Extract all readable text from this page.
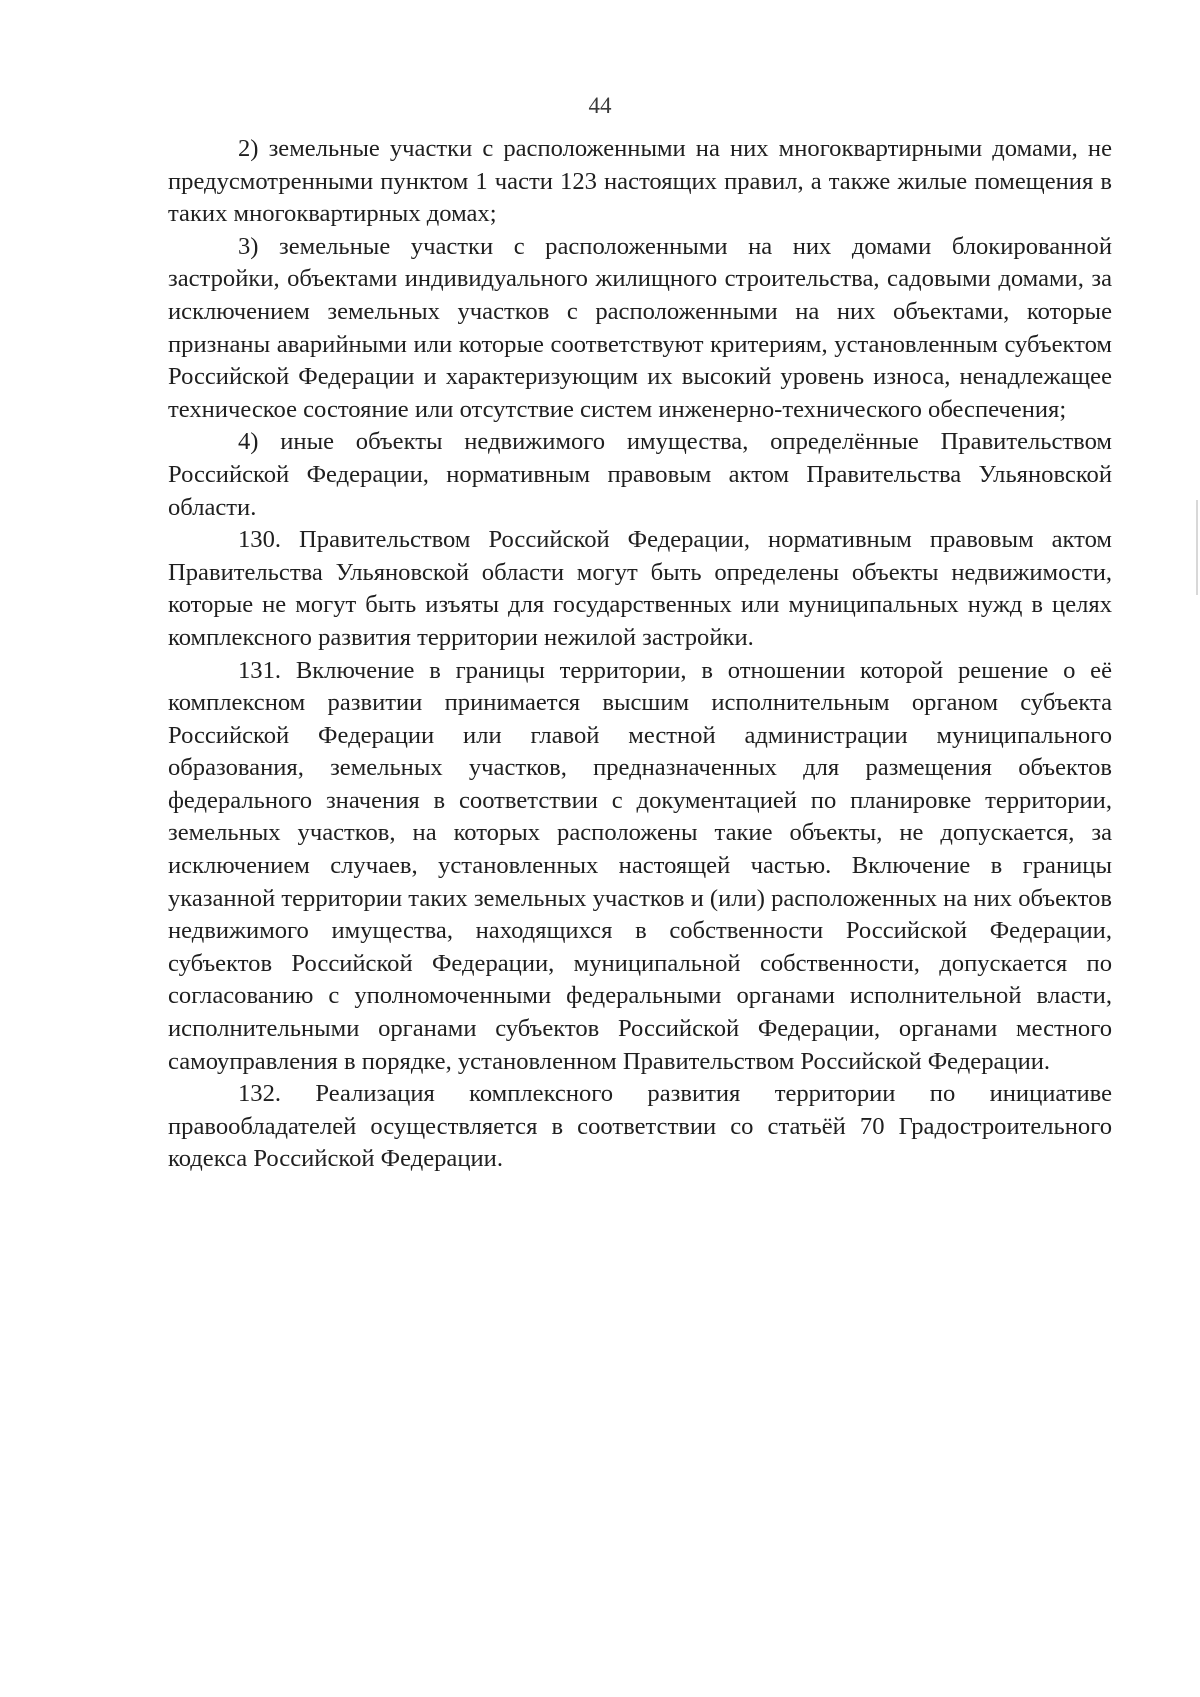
44

2) земельные участки с расположенными на них многоквартирными домами, не предусмотренными пунктом 1 части 123 настоящих правил, а также жилые помещения в таких многоквартирных домах;

3) земельные участки с расположенными на них домами блокированной застройки, объектами индивидуального жилищного строительства, садовыми домами, за исключением земельных участков с расположенными на них объектами, которые признаны аварийными или которые соответствуют критериям, установленным субъектом Российской Федерации и характеризующим их высокий уровень износа, ненадлежащее техническое состояние или отсутствие систем инженерно-технического обеспечения;

4) иные объекты недвижимого имущества, определённые Правительством Российской Федерации, нормативным правовым актом Правительства Ульяновской области.

130. Правительством Российской Федерации, нормативным правовым актом Правительства Ульяновской области могут быть определены объекты недвижимости, которые не могут быть изъяты для государственных или муниципальных нужд в целях комплексного развития территории нежилой застройки.

131. Включение в границы территории, в отношении которой решение о её комплексном развитии принимается высшим исполнительным органом субъекта Российской Федерации или главой местной администрации муниципального образования, земельных участков, предназначенных для размещения объектов федерального значения в соответствии с документацией по планировке территории, земельных участков, на которых расположены такие объекты, не допускается, за исключением случаев, установленных настоящей частью. Включение в границы указанной территории таких земельных участков и (или) расположенных на них объектов недвижимого имущества, находящихся в собственности Российской Федерации, субъектов Российской Федерации, муниципальной собственности, допускается по согласованию с уполномоченными федеральными органами исполнительной власти, исполнительными органами субъектов Российской Федерации, органами местного самоуправления в порядке, установленном Правительством Российской Федерации.

132. Реализация комплексного развития территории по инициативе правообладателей осуществляется в соответствии со статьёй 70 Градостроительного кодекса Российской Федерации.
